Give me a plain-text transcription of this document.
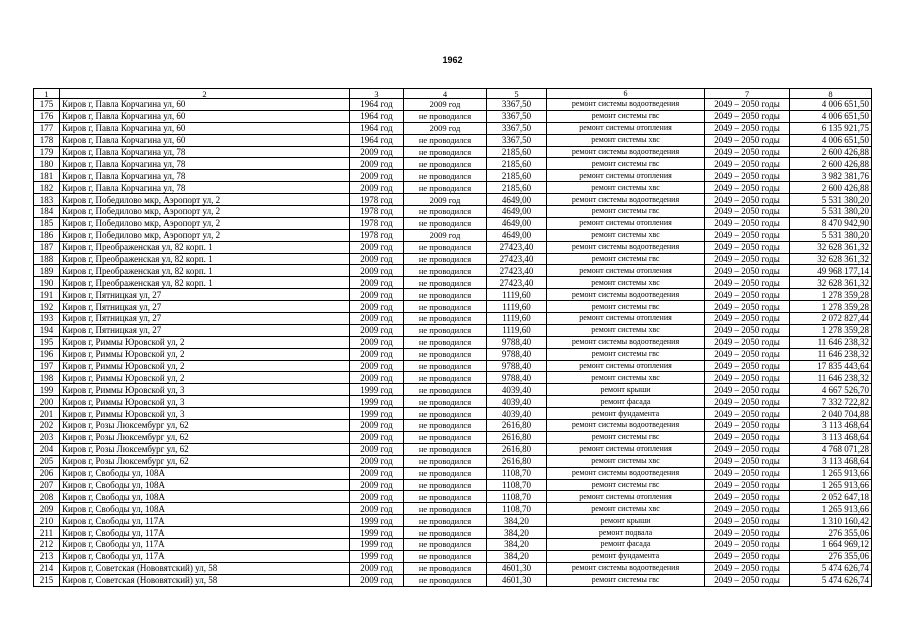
1962
1	2	3	4	5	6	7	8
175	Киров г, Павла Корчагина ул, 60	1964 год	2009 год	3367,50	ремонт системы водоотведения	2049 – 2050 годы	4 006 651,50
176	Киров г, Павла Корчагина ул, 60	1964 год	не проводился	3367,50	ремонт системы гвс	2049 – 2050 годы	4 006 651,50
177	Киров г, Павла Корчагина ул, 60	1964 год	2009 год	3367,50	ремонт системы отопления	2049 – 2050 годы	6 135 921,75
178	Киров г, Павла Корчагина ул, 60	1964 год	не проводился	3367,50	ремонт системы хвс	2049 – 2050 годы	4 006 651,50
179	Киров г, Павла Корчагина ул, 78	2009 год	не проводился	2185,60	ремонт системы водоотведения	2049 – 2050 годы	2 600 426,88
180	Киров г, Павла Корчагина ул, 78	2009 год	не проводился	2185,60	ремонт системы гвс	2049 – 2050 годы	2 600 426,88
181	Киров г, Павла Корчагина ул, 78	2009 год	не проводился	2185,60	ремонт системы отопления	2049 – 2050 годы	3 982 381,76
182	Киров г, Павла Корчагина ул, 78	2009 год	не проводился	2185,60	ремонт системы хвс	2049 – 2050 годы	2 600 426,88
183	Киров г, Победилово мкр, Аэропорт ул, 2	1978 год	2009 год	4649,00	ремонт системы водоотведения	2049 – 2050 годы	5 531 380,20
184	Киров г, Победилово мкр, Аэропорт ул, 2	1978 год	не проводился	4649,00	ремонт системы гвс	2049 – 2050 годы	5 531 380,20
185	Киров г, Победилово мкр, Аэропорт ул, 2	1978 год	не проводился	4649,00	ремонт системы отопления	2049 – 2050 годы	8 470 942,90
186	Киров г, Победилово мкр, Аэропорт ул, 2	1978 год	2009 год	4649,00	ремонт системы хвс	2049 – 2050 годы	5 531 380,20
187	Киров г, Преображенская ул, 82 корп. 1	2009 год	не проводился	27423,40	ремонт системы водоотведения	2049 – 2050 годы	32 628 361,32
188	Киров г, Преображенская ул, 82 корп. 1	2009 год	не проводился	27423,40	ремонт системы гвс	2049 – 2050 годы	32 628 361,32
189	Киров г, Преображенская ул, 82 корп. 1	2009 год	не проводился	27423,40	ремонт системы отопления	2049 – 2050 годы	49 968 177,14
190	Киров г, Преображенская ул, 82 корп. 1	2009 год	не проводился	27423,40	ремонт системы хвс	2049 – 2050 годы	32 628 361,32
191	Киров г, Пятницкая ул, 27	2009 год	не проводился	1119,60	ремонт системы водоотведения	2049 – 2050 годы	1 278 359,28
192	Киров г, Пятницкая ул, 27	2009 год	не проводился	1119,60	ремонт системы гвс	2049 – 2050 годы	1 278 359,28
193	Киров г, Пятницкая ул, 27	2009 год	не проводился	1119,60	ремонт системы отопления	2049 – 2050 годы	2 072 827,44
194	Киров г, Пятницкая ул, 27	2009 год	не проводился	1119,60	ремонт системы хвс	2049 – 2050 годы	1 278 359,28
195	Киров г, Риммы Юровской ул, 2	2009 год	не проводился	9788,40	ремонт системы водоотведения	2049 – 2050 годы	11 646 238,32
196	Киров г, Риммы Юровской ул, 2	2009 год	не проводился	9788,40	ремонт системы гвс	2049 – 2050 годы	11 646 238,32
197	Киров г, Риммы Юровской ул, 2	2009 год	не проводился	9788,40	ремонт системы отопления	2049 – 2050 годы	17 835 443,64
198	Киров г, Риммы Юровской ул, 2	2009 год	не проводился	9788,40	ремонт системы хвс	2049 – 2050 годы	11 646 238,32
199	Киров г, Риммы Юровской ул, 3	1999 год	не проводился	4039,40	ремонт крыши	2049 – 2050 годы	4 667 526,70
200	Киров г, Риммы Юровской ул, 3	1999 год	не проводился	4039,40	ремонт фасада	2049 – 2050 годы	7 332 722,82
201	Киров г, Риммы Юровской ул, 3	1999 год	не проводился	4039,40	ремонт фундамента	2049 – 2050 годы	2 040 704,88
202	Киров г, Розы Люксембург ул, 62	2009 год	не проводился	2616,80	ремонт системы водоотведения	2049 – 2050 годы	3 113 468,64
203	Киров г, Розы Люксембург ул, 62	2009 год	не проводился	2616,80	ремонт системы гвс	2049 – 2050 годы	3 113 468,64
204	Киров г, Розы Люксембург ул, 62	2009 год	не проводился	2616,80	ремонт системы отопления	2049 – 2050 годы	4 768 071,28
205	Киров г, Розы Люксембург ул, 62	2009 год	не проводился	2616,80	ремонт системы хвс	2049 – 2050 годы	3 113 468,64
206	Киров г, Свободы ул, 108А	2009 год	не проводился	1108,70	ремонт системы водоотведения	2049 – 2050 годы	1 265 913,66
207	Киров г, Свободы ул, 108А	2009 год	не проводился	1108,70	ремонт системы гвс	2049 – 2050 годы	1 265 913,66
208	Киров г, Свободы ул, 108А	2009 год	не проводился	1108,70	ремонт системы отопления	2049 – 2050 годы	2 052 647,18
209	Киров г, Свободы ул, 108А	2009 год	не проводился	1108,70	ремонт системы хвс	2049 – 2050 годы	1 265 913,66
210	Киров г, Свободы ул, 117А	1999 год	не проводился	384,20	ремонт крыши	2049 – 2050 годы	1 310 160,42
211	Киров г, Свободы ул, 117А	1999 год	не проводился	384,20	ремонт подвала	2049 – 2050 годы	276 355,06
212	Киров г, Свободы ул, 117А	1999 год	не проводился	384,20	ремонт фасада	2049 – 2050 годы	1 664 969,12
213	Киров г, Свободы ул, 117А	1999 год	не проводился	384,20	ремонт фундамента	2049 – 2050 годы	276 355,06
214	Киров г, Советская (Нововятский) ул, 58	2009 год	не проводился	4601,30	ремонт системы водоотведения	2049 – 2050 годы	5 474 626,74
215	Киров г, Советская (Нововятский) ул, 58	2009 год	не проводился	4601,30	ремонт системы гвс	2049 – 2050 годы	5 474 626,74
